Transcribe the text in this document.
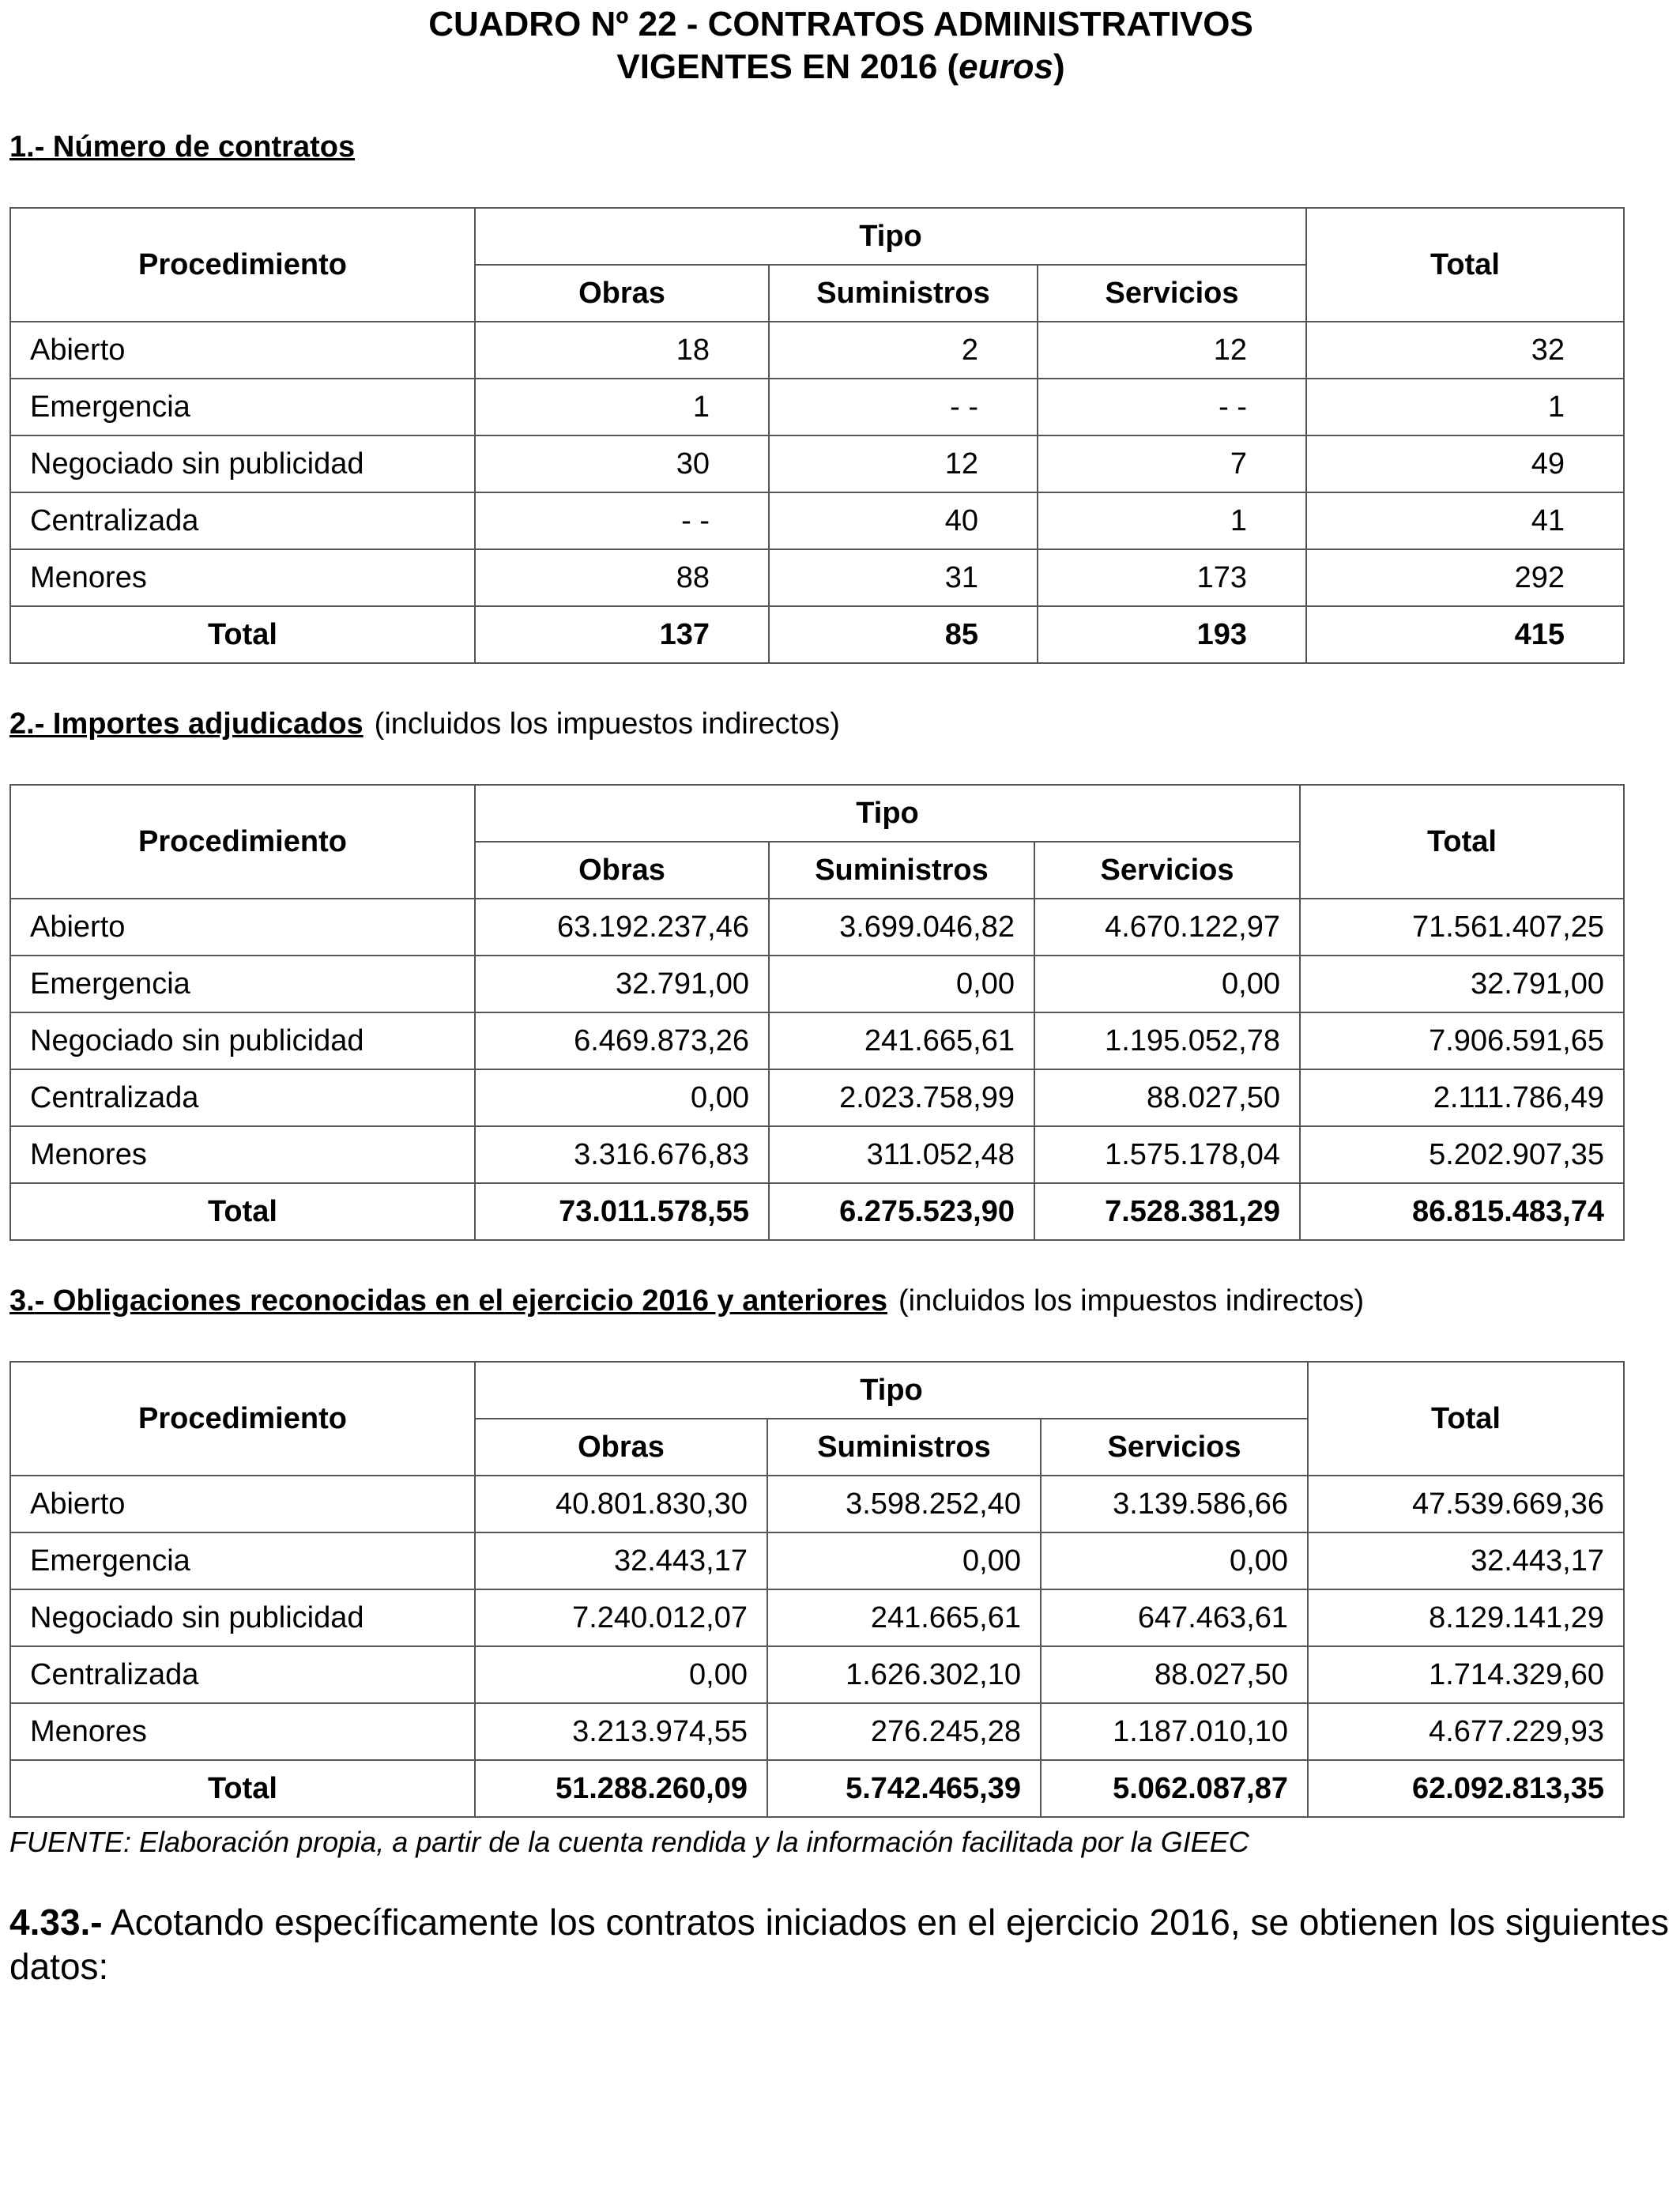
CUADRO Nº 22 - CONTRATOS ADMINISTRATIVOS
VIGENTES EN 2016 (euros)
1.- Número de contratos
Procedimiento	Tipo			Total
	Obras	Suministros	Servicios	
Abierto	18	2	12	32
Emergencia	1	- -	- -	1
Negociado sin publicidad	30	12	7	49
Centralizada	- -	40	1	41
Menores	88	31	173	292
Total	137	85	193	415
2.- Importes adjudicados (incluidos los impuestos indirectos)
Procedimiento	Tipo			Total
	Obras	Suministros	Servicios	
Abierto	63.192.237,46	3.699.046,82	4.670.122,97	71.561.407,25
Emergencia	32.791,00	0,00	0,00	32.791,00
Negociado sin publicidad	6.469.873,26	241.665,61	1.195.052,78	7.906.591,65
Centralizada	0,00	2.023.758,99	88.027,50	2.111.786,49
Menores	3.316.676,83	311.052,48	1.575.178,04	5.202.907,35
Total	73.011.578,55	6.275.523,90	7.528.381,29	86.815.483,74
3.- Obligaciones reconocidas en el ejercicio 2016 y anteriores (incluidos los impuestos indirectos)
Procedimiento	Tipo			Total
	Obras	Suministros	Servicios	
Abierto	40.801.830,30	3.598.252,40	3.139.586,66	47.539.669,36
Emergencia	32.443,17	0,00	0,00	32.443,17
Negociado sin publicidad	7.240.012,07	241.665,61	647.463,61	8.129.141,29
Centralizada	0,00	1.626.302,10	88.027,50	1.714.329,60
Menores	3.213.974,55	276.245,28	1.187.010,10	4.677.229,93
Total	51.288.260,09	5.742.465,39	5.062.087,87	62.092.813,35
FUENTE: Elaboración propia, a partir de la cuenta rendida y la información facilitada por la GIEEC
4.33.- Acotando específicamente los contratos iniciados en el ejercicio 2016, se obtienen los siguientes datos:
